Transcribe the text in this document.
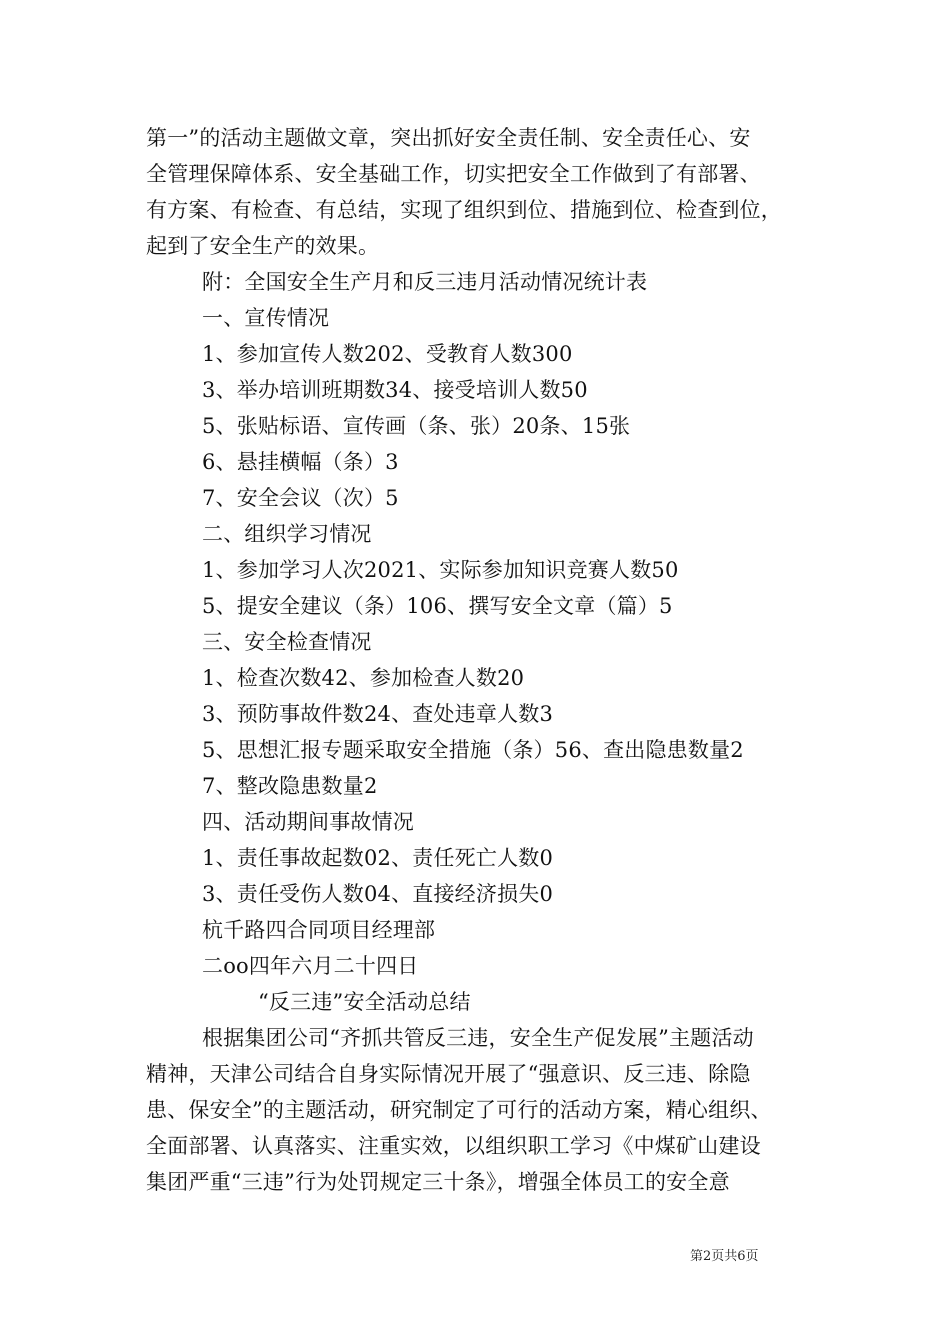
第一”的活动主题做文章，突出抓好安全责任制、安全责任心、安
全管理保障体系、安全基础工作，切实把安全工作做到了有部署、
有方案、有检查、有总结，实现了组织到位、措施到位、检查到位，
起到了安全生产的效果。
附：全国安全生产月和反三违月活动情况统计表
一、宣传情况
1、参加宣传人数202、受教育人数300
3、举办培训班期数34、接受培训人数50
5、张贴标语、宣传画（条、张）20条、15张
6、悬挂横幅（条）3
7、安全会议（次）5
二、组织学习情况
1、参加学习人次2021、实际参加知识竞赛人数50
5、提安全建议（条）106、撰写安全文章（篇）5
三、安全检查情况
1、检查次数42、参加检查人数20
3、预防事故件数24、查处违章人数3
5、思想汇报专题采取安全措施（条）56、查出隐患数量2
7、整改隐患数量2
四、活动期间事故情况
1、责任事故起数02、责任死亡人数0
3、责任受伤人数04、直接经济损失0
杭千路四合同项目经理部
二oo四年六月二十四日
“反三违”安全活动总结
根据集团公司“齐抓共管反三违，安全生产促发展”主题活动
精神，天津公司结合自身实际情况开展了“强意识、反三违、除隐
患、保安全”的主题活动，研究制定了可行的活动方案，精心组织、
全面部署、认真落实、注重实效，以组织职工学习《中煤矿山建设
集团严重“三违”行为处罚规定三十条》，增强全体员工的安全意
第2页共6页
